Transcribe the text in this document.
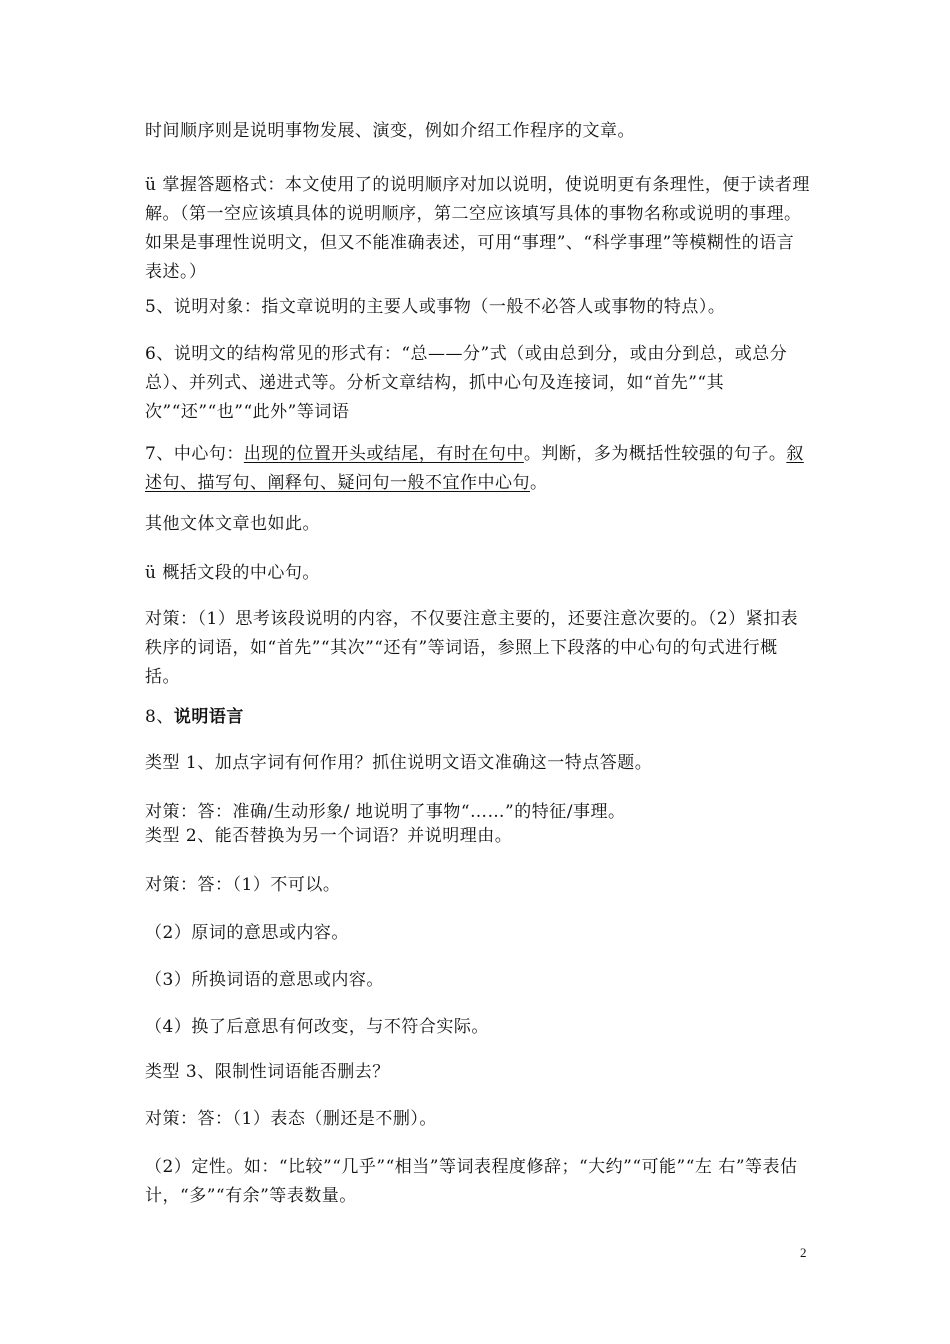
时间顺序则是说明事物发展、演变，例如介绍工作程序的文章。
ü 掌握答题格式：本文使用了的说明顺序对加以说明，使说明更有条理性，便于读者理解。（第一空应该填具体的说明顺序，第二空应该填写具体的事物名称或说明的事理。如果是事理性说明文，但又不能准确表述，可用“事理”、“科学事理”等模糊性的语言表述。）
5、说明对象：指文章说明的主要人或事物（一般不必答人或事物的特点）。
6、说明文的结构常见的形式有：“总——分”式（或由总到分，或由分到总，或总分总）、并列式、递进式等。分析文章结构，抓中心句及连接词，如“首先”“其次”“还”“也”“此外”等词语
7、中心句：出现的位置开头或结尾，有时在句中。判断，多为概括性较强的句子。叙述句、描写句、阐释句、疑问句一般不宜作中心句。
其他文体文章也如此。
ü 概括文段的中心句。
对策：（1）思考该段说明的内容，不仅要注意主要的，还要注意次要的。（2）紧扣表秩序的词语，如“首先”“其次”“还有”等词语，参照上下段落的中心句的句式进行概括。
8、说明语言
类型 1、加点字词有何作用？抓住说明文语文准确这一特点答题。
对策：答：准确/生动形象/ 地说明了事物“……”的特征/事理。
类型 2、能否替换为另一个词语？并说明理由。
对策：答：（1）不可以。
（2）原词的意思或内容。
（3）所换词语的意思或内容。
（4）换了后意思有何改变，与不符合实际。
类型 3、限制性词语能否删去？
对策：答：（1）表态（删还是不删）。
（2）定性。如：“比较”“几乎”“相当”等词表程度修辞；“大约”“可能”“左 右”等表估计，“多”“有余”等表数量。
2
